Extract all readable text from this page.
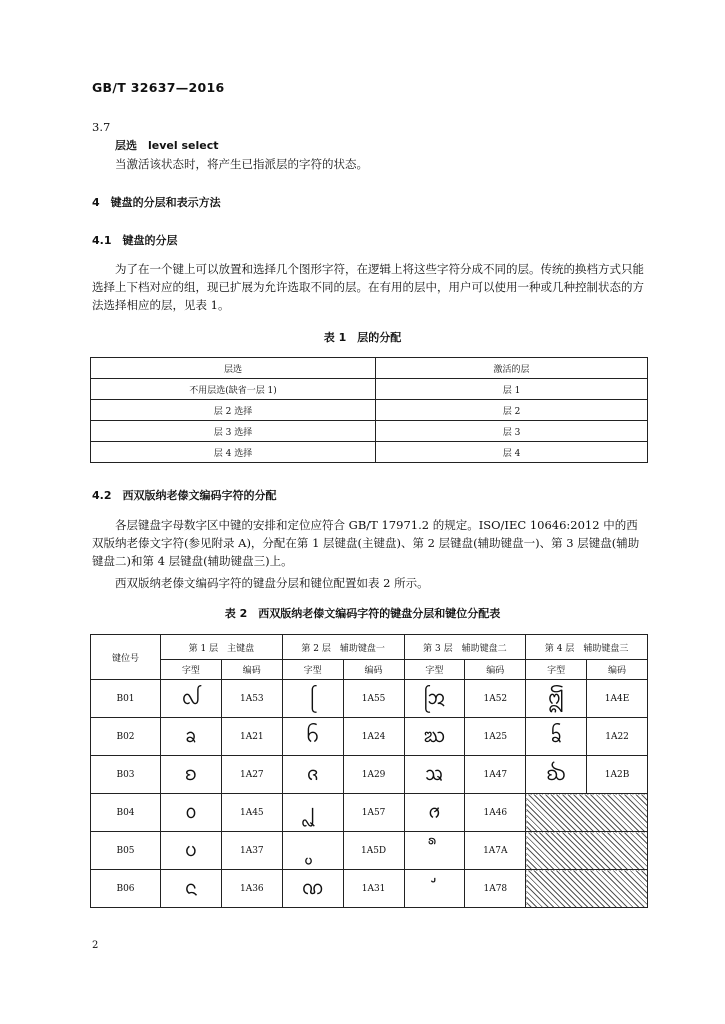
GB/T 32637—2016
3.7
层选　level select
当激活该状态时，将产生已指派层的字符的状态。
4　键盘的分层和表示方法
4.1　键盘的分层
为了在一个键上可以放置和选择几个图形字符，在逻辑上将这些字符分成不同的层。传统的换档方式只能选择上下档对应的组，现已扩展为允许选取不同的层。在有用的层中，用户可以使用一种或几种控制状态的方法选择相应的层，见表 1。
表 1　层的分配
层选	激活的层
不用层选(缺省一层 1)	层 1
层 2 选择	层 2
层 3 选择	层 3
层 4 选择	层 4
4.2　西双版纳老傣文编码字符的分配
各层键盘字母数字区中键的安排和定位应符合 GB/T 17971.2 的规定。ISO/IEC 10646:2012 中的西双版纳老傣文字符(参见附录 A)，分配在第 1 层键盘(主键盘)、第 2 层键盘(辅助键盘一)、第 3 层键盘(辅助键盘二)和第 4 层键盘(辅助键盘三)上。
西双版纳老傣文编码字符的键盘分层和键位配置如表 2 所示。
表 2　西双版纳老傣文编码字符的键盘分层和键位分配表
键位号	第 1 层　主键盘		第 2 层　辅助键盘一		第 3 层　辅助键盘二		第 4 层　辅助键盘三	
	字型	编码	字型	编码	字型	编码	字型	编码
B01	ᩓ	1A53	ᩕ	1A55	ᩒ	1A52	ᩎ	1A4E
B02	ᨡ	1A21	ᨤ	1A24	ᨥ	1A25	ᨢ	1A22
B03	ᨧ	1A27	ᨩ	1A29	ᩇ	1A47	ᨫ	1A2B
B04	ᩅ	1A45	ᩗ	1A57	ᩆ	1A46		
B05	ᨷ	1A37		1A5D		1A7A		
B06	ᨶ	1A36	ᨱ	1A31		1A78		
2
